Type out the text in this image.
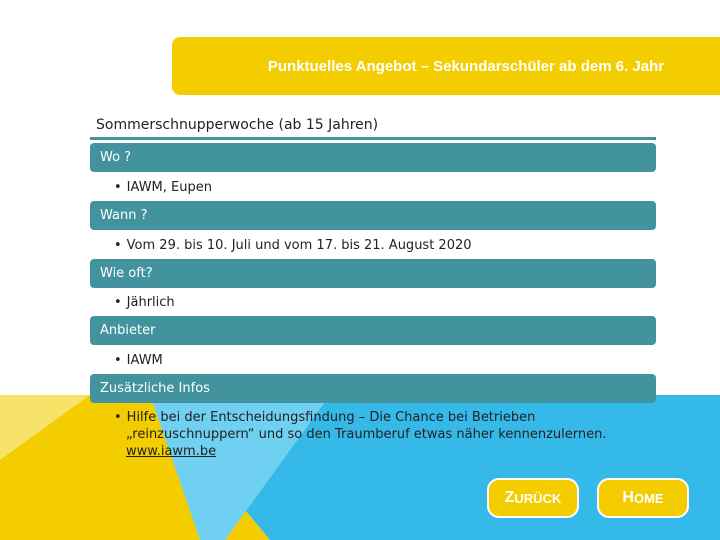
Punktuelles Angebot – Sekundarschüler ab dem 6. Jahr
Sommerschnupperwoche (ab 15 Jahren)
Wo ?
• IAWM, Eupen
Wann ?
• Vom 29. bis 10. Juli und vom 17. bis 21. August 2020
Wie oft?
• Jährlich
Anbieter
• IAWM
Zusätzliche Infos
• Hilfe bei der Entscheidungsfindung – Die Chance bei Betrieben
„reinzuschnuppern“ und so den Traumberuf etwas näher kennenzulernen.
www.iawm.be
Z URÜCK	H OME
